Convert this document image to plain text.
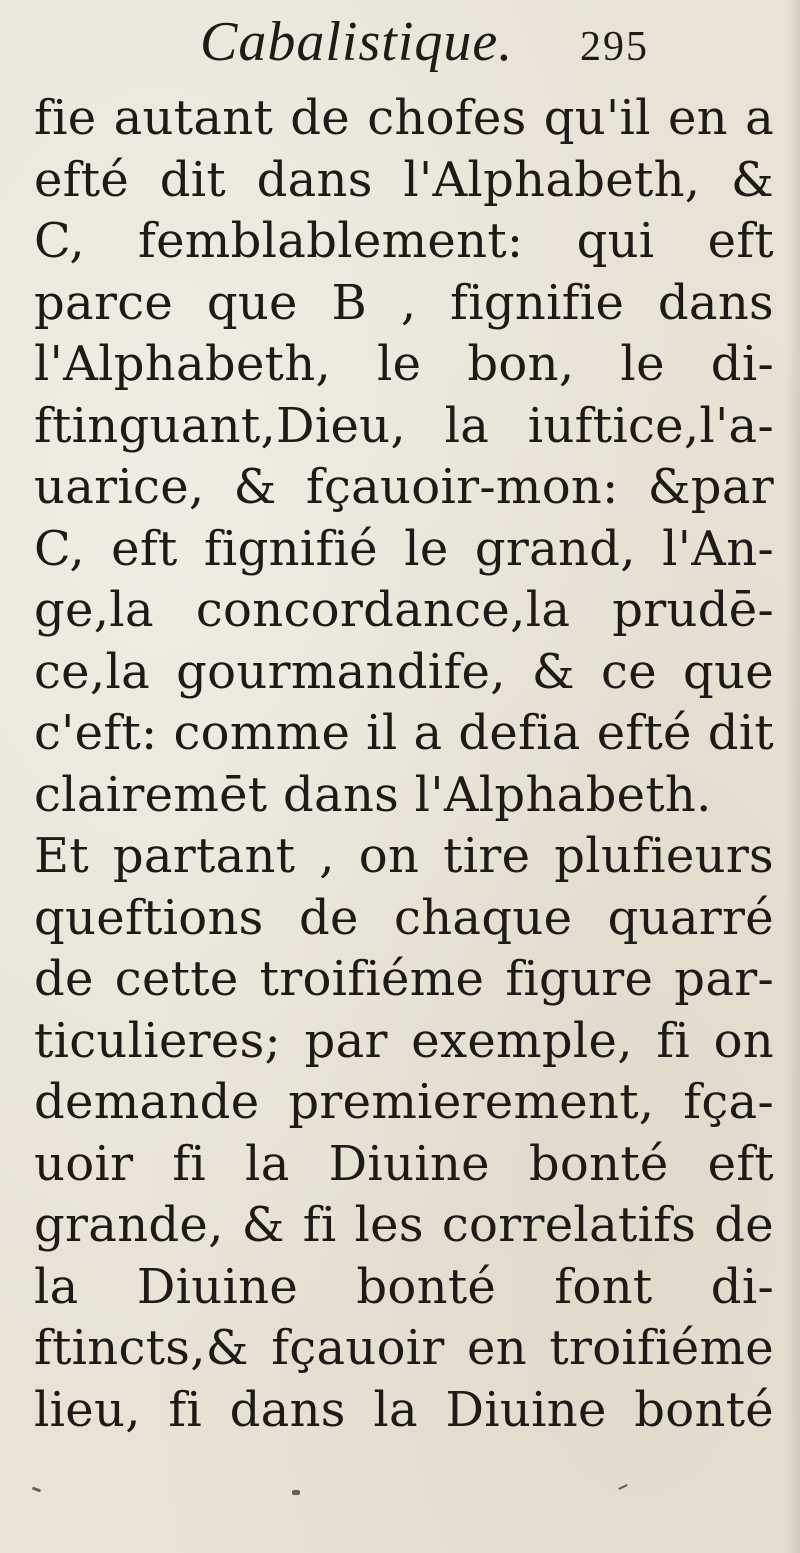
Cabalistique. 295
fie autant de chofes qu'il en a
efté dit dans l'Alphabeth, &
C, femblablement: qui eft
parce que B , fignifie dans
l'Alphabeth, le bon, le di-
ftinguant,Dieu, la iuftice,l'a-
uarice, & fçauoir-mon: &par
C, eft fignifié le grand, l'An-
ge,la concordance,la prudē-
ce,la gourmandife, & ce que
c'eft: comme il a defia efté dit
clairemēt dans l'Alphabeth.
Et partant , on tire plufieurs
queftions de chaque quarré
de cette troifiéme figure par-
ticulieres; par exemple, fi on
demande premierement, fça-
uoir fi la Diuine bonté eft
grande, & fi les correlatifs de
la Diuine bonté font di-
ftincts,& fçauoir en troifiéme
lieu, fi dans la Diuine bonté
